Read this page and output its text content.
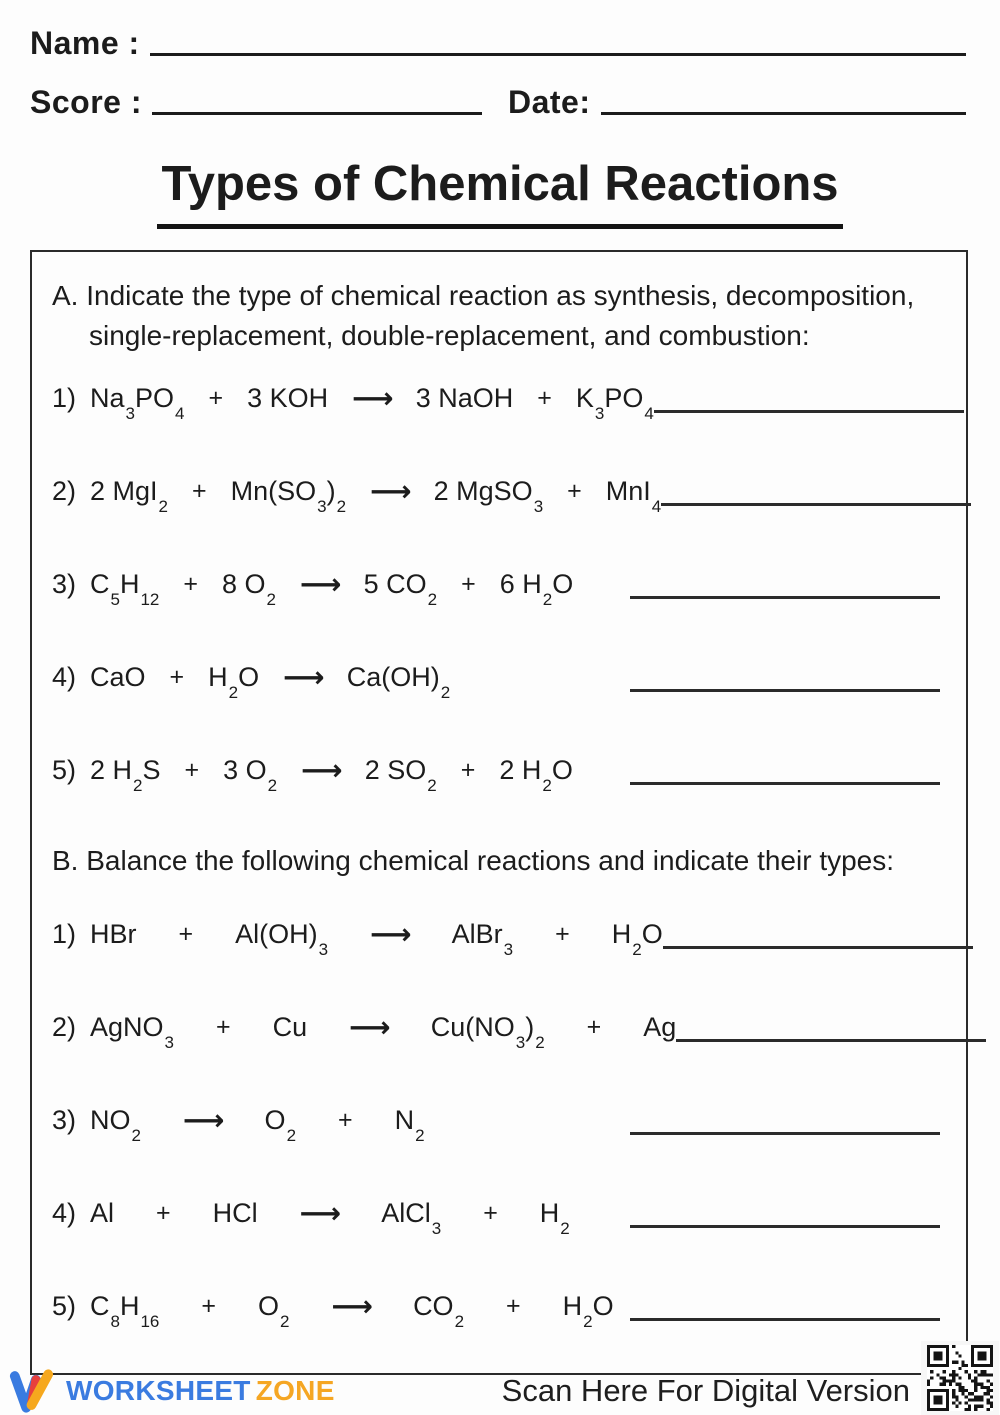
Name :
Score :	Date:
Types of Chemical Reactions
A. Indicate the type of chemical reaction as synthesis, decomposition,
single-replacement, double-replacement, and combustion:
1) $Na_3PO_4$
+ 3 KOH ⟶ 3 NaOH + $K_3PO_4$
2) 2 MgI$_2$
+ $Mn(SO_3)_2$ ⟶ 2 MgSO$_3$
+ MnI$_4$
3) $C_5H_{12}$
+ 8 $O_2$ ⟶ 5 $CO_2$
+ 6 $H_2O$
4) CaO + $H_2O$ ⟶ $Ca(OH)_2$
5) 2 $H_2S + 3$ $O_2$ ⟶ 2 $SO_2$
+ 2 $H_2O$
B. Balance the following chemical reactions and indicate their types:
1) HBr + $Al(OH)_3$ ⟶ AlBr$_3$
+ $H_2O$
2) AgNO$_3$
+ Cu ⟶ $Cu(NO_3)_2$
+ Ag
3) $NO_2$ ⟶ $O_2$
+ $N_2$
4) Al + HCl ⟶ AlCl$_3$
+ $H_2$
5) $C_8H_{16}$
+ $O_2$ ⟶ $CO_2$
+ $H_2O$
WORKSHEET ZONE	Scan Here For Digital Version
